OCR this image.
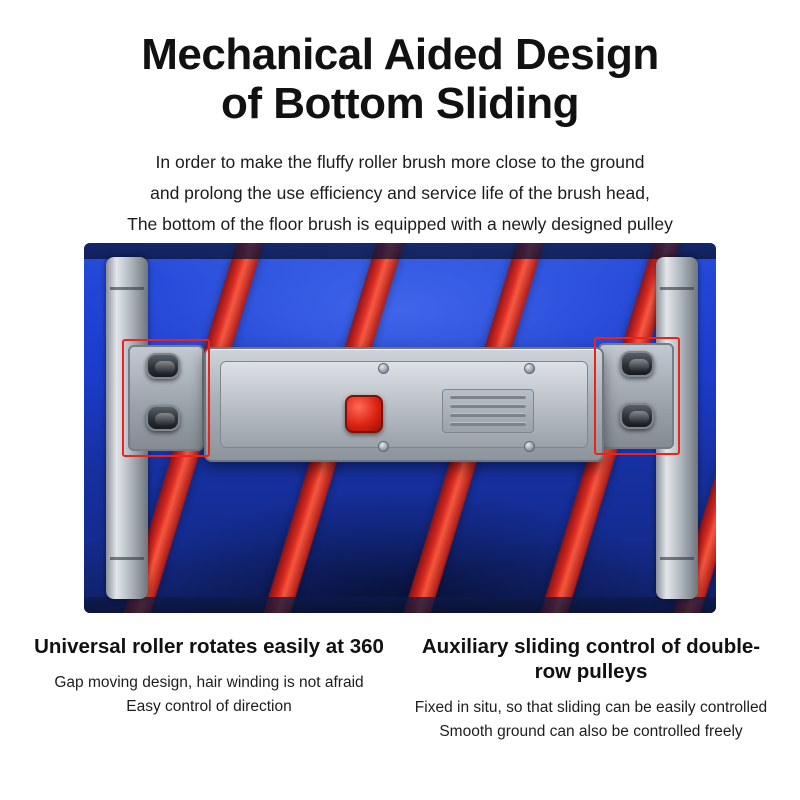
Mechanical Aided Design
of Bottom Sliding
In order to make the fluffy roller brush more close to the ground
and prolong the use efficiency and service life of the brush head,
The bottom of the floor brush is equipped with a newly designed pulley
Universal roller rotates easily at 360
Gap moving design, hair winding is not afraid
Easy control of direction
Auxiliary sliding control of double-row pulleys
Fixed in situ, so that sliding can be easily controlled
Smooth ground can also be controlled freely
